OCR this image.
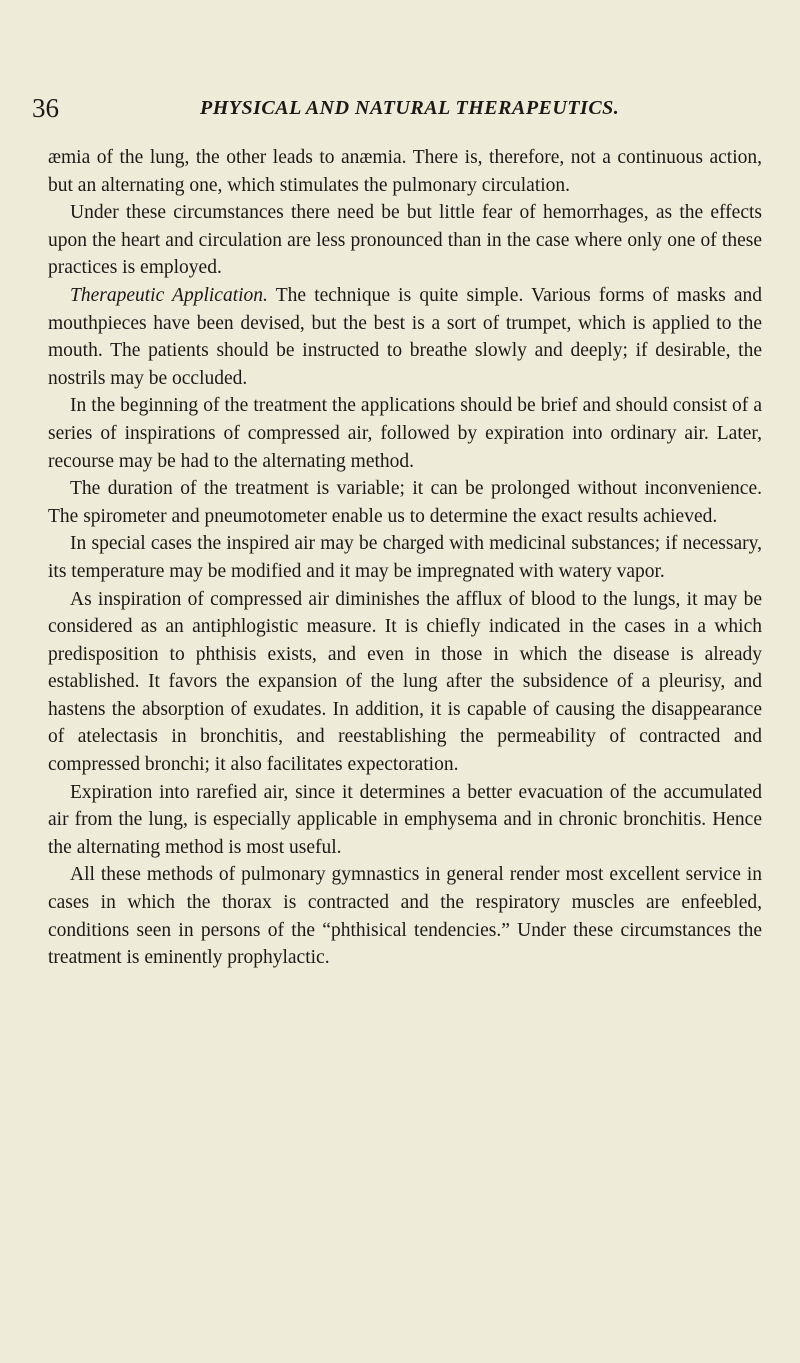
36	PHYSICAL AND NATURAL THERAPEUTICS.

æmia of the lung, the other leads to anæmia. There is, therefore, not a continuous action, but an alternating one, which stimulates the pulmonary circulation.

Under these circumstances there need be but little fear of hemorrhages, as the effects upon the heart and circulation are less pronounced than in the case where only one of these practices is employed.

Therapeutic Application. The technique is quite simple. Various forms of masks and mouthpieces have been devised, but the best is a sort of trumpet, which is applied to the mouth. The patients should be instructed to breathe slowly and deeply; if desirable, the nostrils may be occluded.

In the beginning of the treatment the applications should be brief and should consist of a series of inspirations of compressed air, followed by expiration into ordinary air. Later, recourse may be had to the alternating method.

The duration of the treatment is variable; it can be prolonged without inconvenience. The spirometer and pneumotometer enable us to determine the exact results achieved.

In special cases the inspired air may be charged with medicinal substances; if necessary, its temperature may be modified and it may be impregnated with watery vapor.

As inspiration of compressed air diminishes the afflux of blood to the lungs, it may be considered as an antiphlogistic measure. It is chiefly indicated in the cases in a which predisposition to phthisis exists, and even in those in which the disease is already established. It favors the expansion of the lung after the subsidence of a pleurisy, and hastens the absorption of exudates. In addition, it is capable of causing the disappearance of atelectasis in bronchitis, and reestablishing the permeability of contracted and compressed bronchi; it also facilitates expectoration.

Expiration into rarefied air, since it determines a better evacuation of the accumulated air from the lung, is especially applicable in emphysema and in chronic bronchitis. Hence the alternating method is most useful.

All these methods of pulmonary gymnastics in general render most excellent service in cases in which the thorax is contracted and the respiratory muscles are enfeebled, conditions seen in persons of the “phthisical tendencies.” Under these circumstances the treatment is eminently prophylactic.
